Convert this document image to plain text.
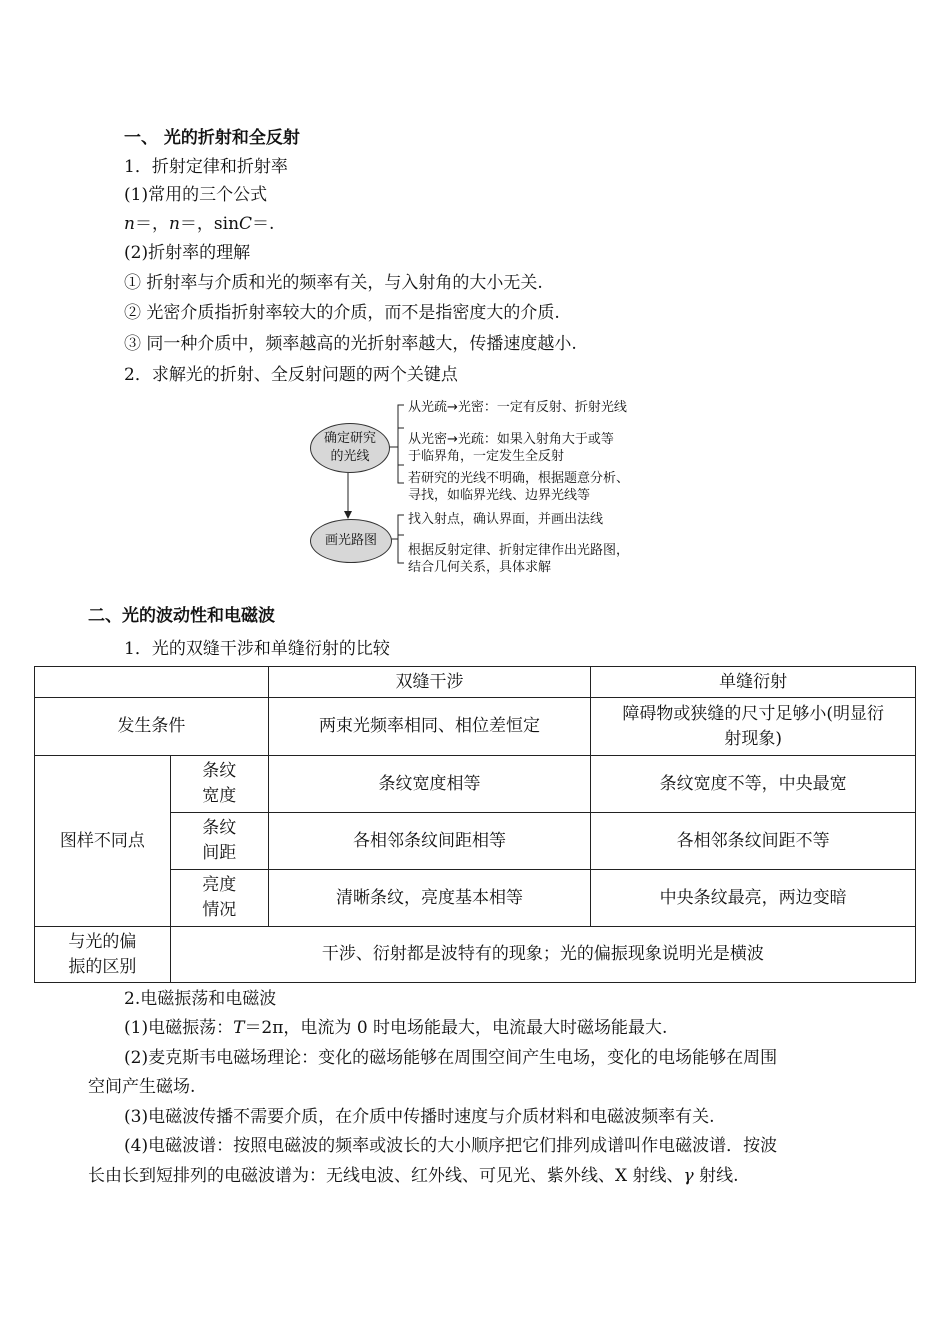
一、 光的折射和全反射
1．折射定律和折射率
(1)常用的三个公式
n＝，n＝，sinC＝.
(2)折射率的理解
① 折射率与介质和光的频率有关，与入射角的大小无关.
② 光密介质指折射率较大的介质，而不是指密度大的介质.
③ 同一种介质中，频率越高的光折射率越大，传播速度越小.
2．求解光的折射、全反射问题的两个关键点
确定研究
的光线
画光路图
从光疏→光密：一定有反射、折射光线
从光密→光疏：如果入射角大于或等
于临界角，一定发生全反射
若研究的光线不明确，根据题意分析、
寻找，如临界光线、边界光线等
找入射点，确认界面，并画出法线
根据反射定律、折射定律作出光路图，
结合几何关系，具体求解
二、光的波动性和电磁波
1．光的双缝干涉和单缝衍射的比较
		双缝干涉	单缝衍射
发生条件		两束光频率相同、相位差恒定	障碍物或狭缝的尺寸足够小(明显衍
射现象)
图样不同点	条纹
宽度	条纹宽度相等	条纹宽度不等，中央最宽
	条纹
间距	各相邻条纹间距相等	各相邻条纹间距不等
	亮度
情况	清晰条纹，亮度基本相等	中央条纹最亮，两边变暗
与光的偏
振的区别	干涉、衍射都是波特有的现象；光的偏振现象说明光是横波		
2.电磁振荡和电磁波
(1)电磁振荡：T＝2π，电流为 0 时电场能最大，电流最大时磁场能最大.
(2)麦克斯韦电磁场理论：变化的磁场能够在周围空间产生电场，变化的电场能够在周围
空间产生磁场.
(3)电磁波传播不需要介质，在介质中传播时速度与介质材料和电磁波频率有关.
(4)电磁波谱：按照电磁波的频率或波长的大小顺序把它们排列成谱叫作电磁波谱．按波
长由长到短排列的电磁波谱为：无线电波、红外线、可见光、紫外线、X 射线、γ 射线.
